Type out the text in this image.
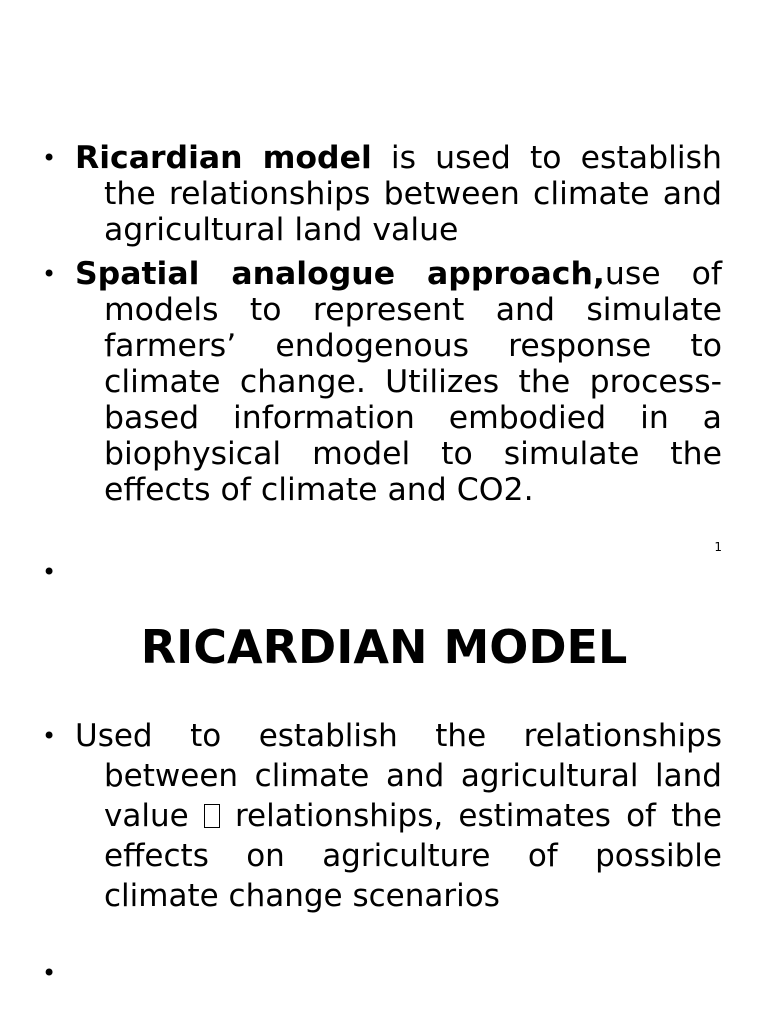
• Ricardian model is used to establish the relationships between climate and agricultural land value
• Spatial analogue approach,use of models to represent and simulate farmers’ endogenous response to climate change. Utilizes the process-based information embodied in a biophysical model to simulate the effects of climate and CO2.
1
•
RICARDIAN MODEL
• Used to establish the relationships between climate and agricultural land value  relationships, estimates of the effects on agriculture of possible climate change scenarios
•
